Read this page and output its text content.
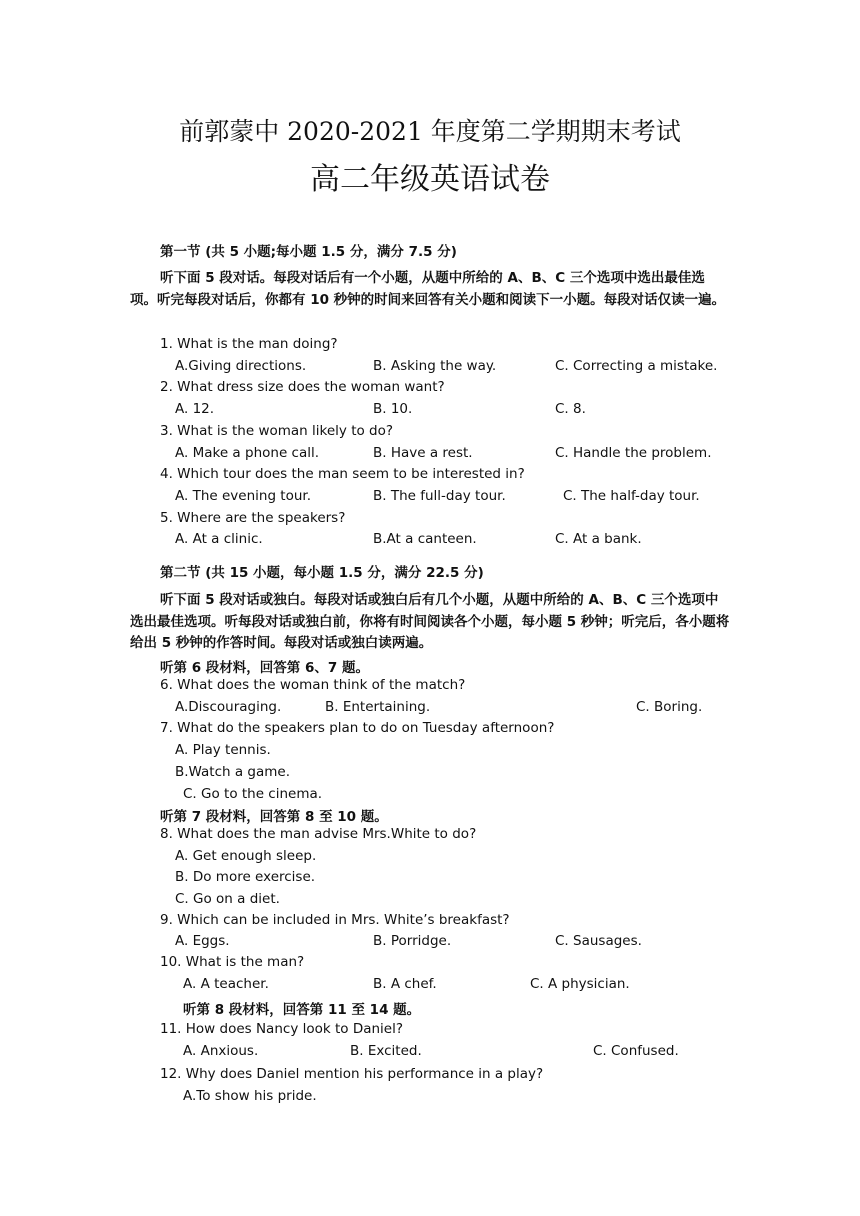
前郭蒙中 2020-2021 年度第二学期期末考试
高二年级英语试卷
第一节 (共 5 小题;每小题 1.5 分，满分 7.5 分)
听下面 5 段对话。每段对话后有一个小题，从题中所给的 A、B、C 三个选项中选出最佳选项。听完每段对话后，你都有 10 秒钟的时间来回答有关小题和阅读下一小题。每段对话仅读一遍。
1. What is the man doing?
A.Giving directions.	B. Asking the way.	C. Correcting a mistake.
2. What dress size does the woman want?
A. 12.	B. 10.	C. 8.
3. What is the woman likely to do?
A. Make a phone call.	B. Have a rest.	C. Handle the problem.
4. Which tour does the man seem to be interested in?
A. The evening tour.	B. The full-day tour.	C. The half-day tour.
5. Where are the speakers?
A. At a clinic.	B.At a canteen.	C. At a bank.
第二节 (共 15 小题，每小题 1.5 分，满分 22.5 分)
听下面 5 段对话或独白。每段对话或独白后有几个小题，从题中所给的 A、B、C 三个选项中选出最佳选项。听每段对话或独白前，你将有时间阅读各个小题，每小题 5 秒钟；听完后，各小题将给出 5 秒钟的作答时间。每段对话或独白读两遍。
听第 6 段材料，回答第 6、7 题。
6. What does the woman think of the match?
A.Discouraging.	B. Entertaining.	C. Boring.
7. What do the speakers plan to do on Tuesday afternoon?
A. Play tennis.
B.Watch a game.
C. Go to the cinema.
听第 7 段材料，回答第 8 至 10 题。
8. What does the man advise Mrs.White to do?
A. Get enough sleep.
B. Do more exercise.
C. Go on a diet.
9. Which can be included in Mrs. White’s breakfast?
A. Eggs.	B. Porridge.	C. Sausages.
10. What is the man?
A. A teacher.	B. A chef.	C. A physician.
听第 8 段材料，回答第 11 至 14 题。
11. How does Nancy look to Daniel?
A. Anxious.	B. Excited.	C. Confused.
12. Why does Daniel mention his performance in a play?
A.To show his pride.
